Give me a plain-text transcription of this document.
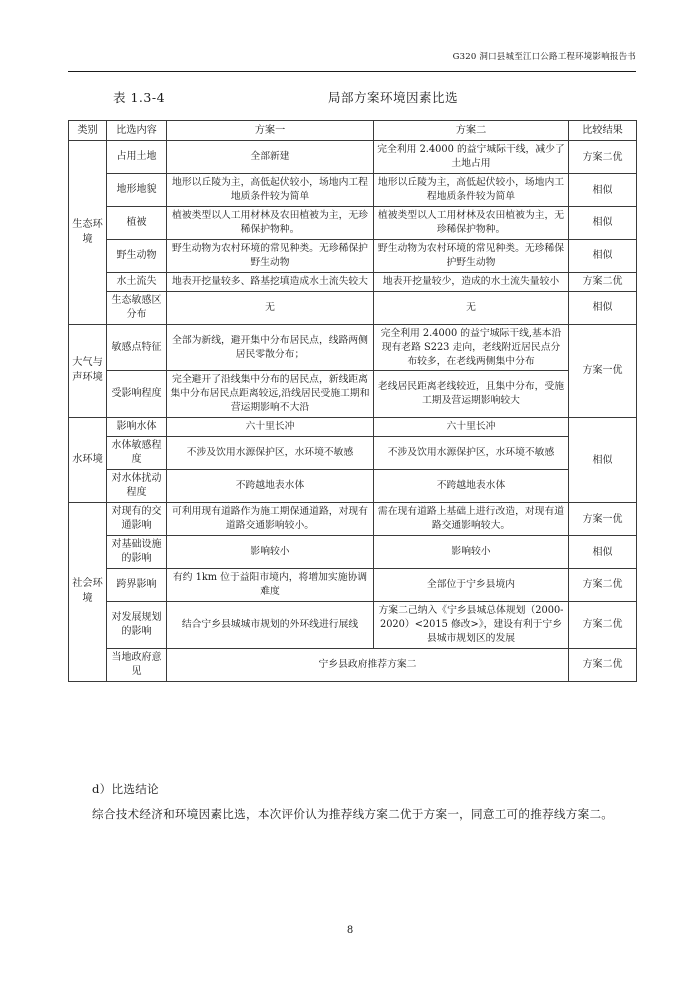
G320 洞口县城至江口公路工程环境影响报告书
表 1.3-4	局部方案环境因素比选
类别	比选内容	方案一	方案二	比较结果
生态环境	占用土地	全部新建	完全利用 2.4000 的益宁城际干线，减少了土地占用	方案二优
	地形地貌	地形以丘陵为主，高低起伏较小，场地内工程地质条件较为简单	地形以丘陵为主，高低起伏较小，场地内工程地质条件较为简单	相似
	植被	植被类型以人工用材林及农田植被为主，无珍稀保护物种。	植被类型以人工用材林及农田植被为主，无珍稀保护物种。	相似
	野生动物	野生动物为农村环境的常见种类。无珍稀保护野生动物	野生动物为农村环境的常见种类。无珍稀保护野生动物	相似
	水土流失	地表开挖量较多、路基挖填造成水土流失较大	地表开挖量较少，造成的水土流失量较小	方案二优
	生态敏感区分布	无	无	相似
大气与声环境	敏感点特征	全部为新线，避开集中分布居民点，线路两侧居民零散分布；	完全利用 2.4000 的益宁城际干线,基本沿现有老路 S223 走向，老线附近居民点分布较多，在老线两侧集中分布	方案一优
	受影响程度	完全避开了沿线集中分布的居民点，新线距离集中分布居民点距离较远,沿线居民受施工期和营运期影响不大沿	老线居民距离老线较近，且集中分布，受施工期及营运期影响较大	
水环境	影响水体	六十里长冲	六十里长冲	相似
	水体敏感程度	不涉及饮用水源保护区，水环境不敏感	不涉及饮用水源保护区，水环境不敏感	
	对水体扰动程度	不跨越地表水体	不跨越地表水体	
社会环境	对现有的交通影响	可利用现有道路作为施工期保通道路，对现有道路交通影响较小。	需在现有道路上基础上进行改造，对现有道路交通影响较大。	方案一优
	对基础设施的影响	影响较小	影响较小	相似
	跨界影响	有约 1km 位于益阳市境内，将增加实施协调难度	全部位于宁乡县境内	方案二优
	对发展规划的影响	结合宁乡县城城市规划的外环线进行展线	方案二己纳入《宁乡县城总体规划（2000-2020）<2015 修改>》，建设有利于宁乡县城市规划区的发展	方案二优
	当地政府意见	宁乡县政府推荐方案二		方案二优

d）比选结论

综合技术经济和环境因素比选，本次评价认为推荐线方案二优于方案一，同意工可的推荐线方案二。

8
